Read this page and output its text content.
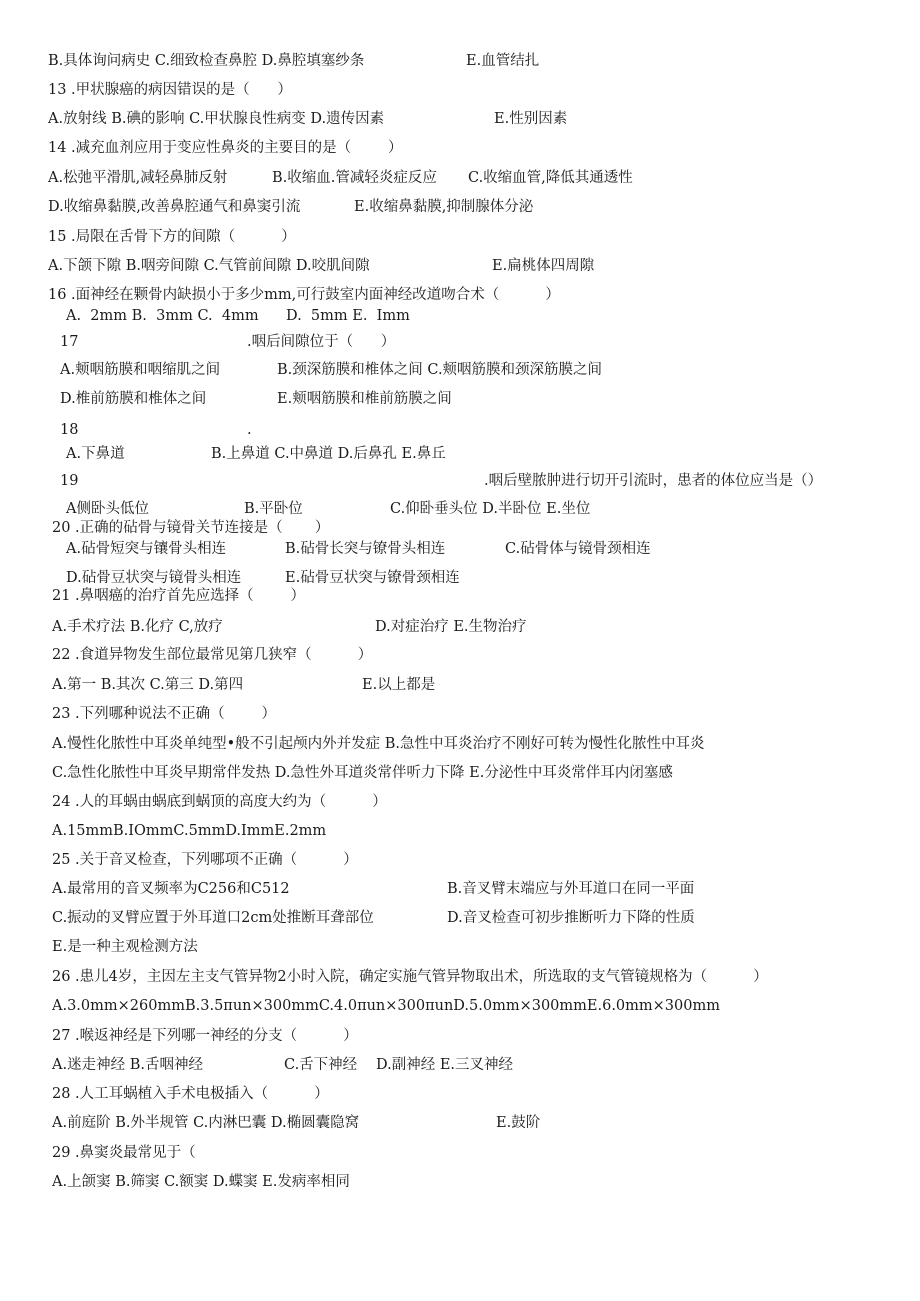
B.具体询问病史 C.细致检查鼻腔 D.鼻腔填塞纱条	E.血管结扎
13 .甲状腺癌的病因错误的是（      ）
A.放射线 B.碘的影响 C.甲状腺良性病变 D.遗传因素	E.性别因素
14 .减充血剂应用于变应性鼻炎的主要目的是（        ）
A.松弛平滑肌,减轻鼻肺反射	B.收缩血.管减轻炎症反应 C.收缩血管,降低其通透性
D.收缩鼻黏膜,改善鼻腔通气和鼻窦引流	E.收缩鼻黏膜,抑制腺体分泌
15 .局限在舌骨下方的间隙（          ）
A.下颌下隙 B.咽旁间隙 C.气管前间隙 D.咬肌间隙	E.扁桃体四周隙
16 .面神经在颗骨内缺损小于多少mm,可行鼓室内面神经改道吻合术（          ）
A.  2mm B.  3mm C.  4mm D.  5mm E.  Imm
17	.咽后间隙位于（      ）
A.颊咽筋膜和咽缩肌之间	B.颈深筋膜和椎体之间 C.颊咽筋膜和颈深筋膜之间
D.椎前筋膜和椎体之间	E.颊咽筋膜和椎前筋膜之间
18	.
A.下鼻道	B.上鼻道 C.中鼻道 D.后鼻孔 E.鼻丘
19	.咽后壁脓肿进行切开引流时，患者的体位应当是（）
A侧卧头低位	B.平卧位	C.仰卧垂头位 D.半卧位 E.坐位
20 .正确的砧骨与镜骨关节连接是（       ）
A.砧骨短突与镶骨头相连	B.砧骨长突与镣骨头相连	C.砧骨体与镜骨颈相连
D.砧骨豆状突与镜骨头相连	E.砧骨豆状突与镣骨颈相连
21 .鼻咽癌的治疗首先应选择（        ）
A.手术疗法 B.化疗 C,放疗	D.对症治疗 E.生物治疗
22 .食道异物发生部位最常见第几狭窄（          ）
A.第一 B.其次 C.第三 D.第四	E.以上都是
23 .下列哪种说法不正确（        ）
A.慢性化脓性中耳炎单纯型•般不引起颅内外并发症 B.急性中耳炎治疗不刚好可转为慢性化脓性中耳炎
C.急性化脓性中耳炎早期常伴发热 D.急性外耳道炎常伴听力下降 E.分泌性中耳炎常伴耳内闭塞感
24 .人的耳蜗由蜗底到蜗顶的高度大约为（          ）
A.15mmB.IOmmC.5mmD.ImmE.2mm
25 .关于音叉检查，下列哪项不正确（          ）
A.最常用的音叉频率为C256和C512	B.音叉臂末端应与外耳道口在同一平面
C.振动的叉臂应置于外耳道口2cm处推断耳聋部位	D.音叉检查可初步推断听力下降的性质
E.是一种主观检测方法
26 .患儿4岁，主因左主支气管异物2小时入院，确定实施气管异物取出术，所选取的支气管镜规格为（          ）
A.3.0mm×260mmB.3.5πun×300mmC.4.0πun×300πunD.5.0mm×300mmE.6.0mm×300mm
27 .喉返神经是下列哪一神经的分支（          ）
A.迷走神经 B.舌咽神经	C.舌下神经 D.副神经 E.三叉神经
28 .人工耳蜗植入手术电极插入（          ）
A.前庭阶 B.外半规管 C.内淋巴囊 D.椭圆囊隐窝	E.鼓阶
29 .鼻窦炎最常见于（
A.上颌窦 B.筛窦 C.额窦 D.蝶窦 E.发病率相同
